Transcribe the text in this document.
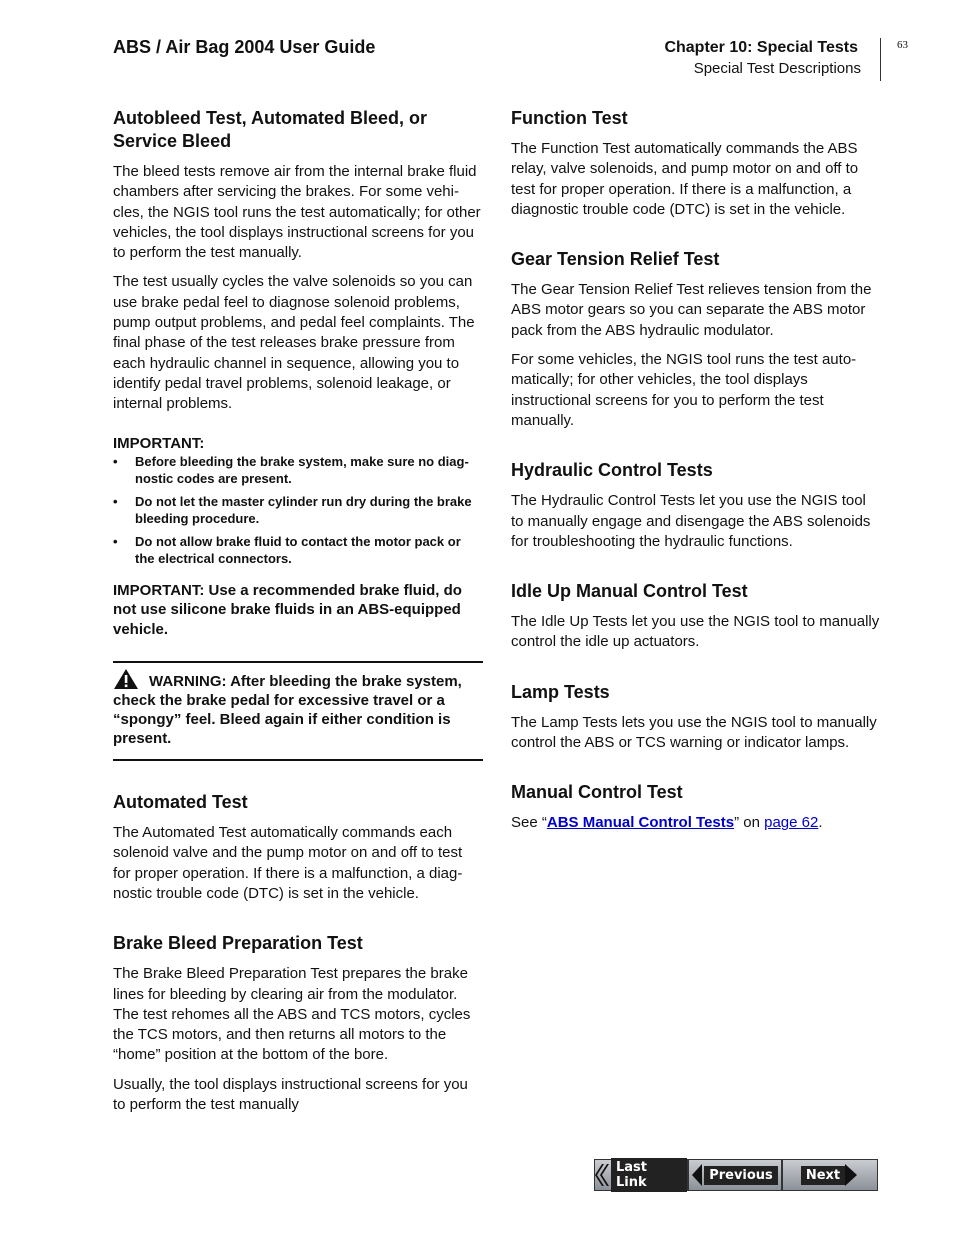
ABS / Air Bag 2004 User Guide	Chapter 10: Special Tests
Special Test Descriptions
63
Autobleed Test, Automated Bleed, or Service Bleed

The bleed tests remove air from the internal brake fluid chambers after servicing the brakes. For some vehi-cles, the NGIS tool runs the test automatically; for other vehicles, the tool displays instructional screens for you to perform the test manually.

The test usually cycles the valve solenoids so you can use brake pedal feel to diagnose solenoid problems, pump output problems, and pedal feel complaints. The final phase of the test releases brake pressure from each hydraulic channel in sequence, allowing you to identify pedal travel problems, solenoid leakage, or internal problems.

IMPORTANT:
• Before bleeding the brake system, make sure no diag-nostic codes are present.
• Do not let the master cylinder run dry during the brake bleeding procedure.
• Do not allow brake fluid to contact the motor pack or the electrical connectors.
IMPORTANT: Use a recommended brake fluid, do not use silicone brake fluids in an ABS-equipped vehicle.
WARNING: After bleeding the brake system, check the brake pedal for excessive travel or a “spongy” feel. Bleed again if either condition is present.
Automated Test

The Automated Test automatically commands each solenoid valve and the pump motor on and off to test for proper operation. If there is a malfunction, a diag-nostic trouble code (DTC) is set in the vehicle.

Brake Bleed Preparation Test

The Brake Bleed Preparation Test prepares the brake lines for bleeding by clearing air from the modulator. The test rehomes all the ABS and TCS motors, cycles the TCS motors, and then returns all motors to the “home” position at the bottom of the bore.

Usually, the tool displays instructional screens for you to perform the test manually

Function Test

The Function Test automatically commands the ABS relay, valve solenoids, and pump motor on and off to test for proper operation. If there is a malfunction, a diagnostic trouble code (DTC) is set in the vehicle.

Gear Tension Relief Test

The Gear Tension Relief Test relieves tension from the ABS motor gears so you can separate the ABS motor pack from the ABS hydraulic modulator.

For some vehicles, the NGIS tool runs the test auto-matically; for other vehicles, the tool displays instructional screens for you to perform the test manually.

Hydraulic Control Tests

The Hydraulic Control Tests let you use the NGIS tool to manually engage and disengage the ABS solenoids for troubleshooting the hydraulic functions.

Idle Up Manual Control Test

The Idle Up Tests let you use the NGIS tool to manually control the idle up actuators.

Lamp Tests

The Lamp Tests lets you use the NGIS tool to manually control the ABS or TCS warning or indicator lamps.

Manual Control Test

See “ABS Manual Control Tests” on page 62.

Last Link	Previous	Next
